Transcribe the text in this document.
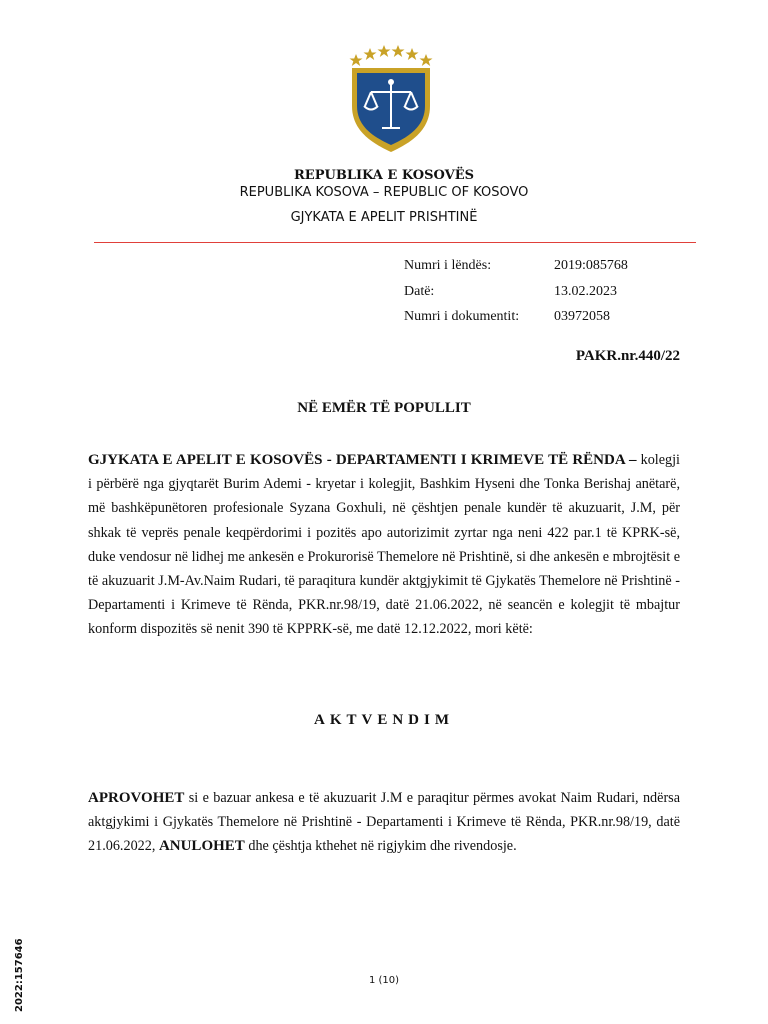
REPUBLIKA E KOSOVËS
REPUBLIKA KOSOVA – REPUBLIC OF KOSOVO
GJYKATA E APELIT PRISHTINË
Numri i lëndës:	2019:085768
Datë:	13.02.2023
Numri i dokumentit: 03972058
PAKR.nr.440/22
NË EMËR TË POPULLIT
GJYKATA E APELIT E KOSOVËS - DEPARTAMENTI I KRIMEVE TË RËNDA – kolegji i përbërë nga gjyqtarët Burim Ademi - kryetar i kolegjit, Bashkim Hyseni dhe Tonka Berishaj anëtarë, më bashkëpunëtoren profesionale Syzana Goxhuli, në çështjen penale kundër të akuzuarit, J.M, për shkak të veprës penale keqpërdorimi i pozitës apo autorizimit zyrtar nga neni 422 par.1 të KPRK-së, duke vendosur në lidhej me ankesën e Prokurorisë Themelore në Prishtinë, si dhe ankesën e mbrojtësit e të akuzuarit J.M-Av.Naim Rudari, të paraqitura kundër aktgjykimit të Gjykatës Themelore në Prishtinë - Departamenti i Krimeve të Rënda, PKR.nr.98/19, datë 21.06.2022, në seancën e kolegjit të mbajtur konform dispozitës së nenit 390 të KPPRK-së, me datë 12.12.2022, mori këtë:
AKTVENDIM
APROVOHET si e bazuar ankesa e të akuzuarit J.M e paraqitur përmes avokat Naim Rudari, ndërsa aktgjykimi i Gjykatës Themelore në Prishtinë - Departamenti i Krimeve të Rënda, PKR.nr.98/19, datë 21.06.2022, ANULOHET dhe çështja kthehet në rigjykim dhe rivendosje.
1 (10)
2022:157646
